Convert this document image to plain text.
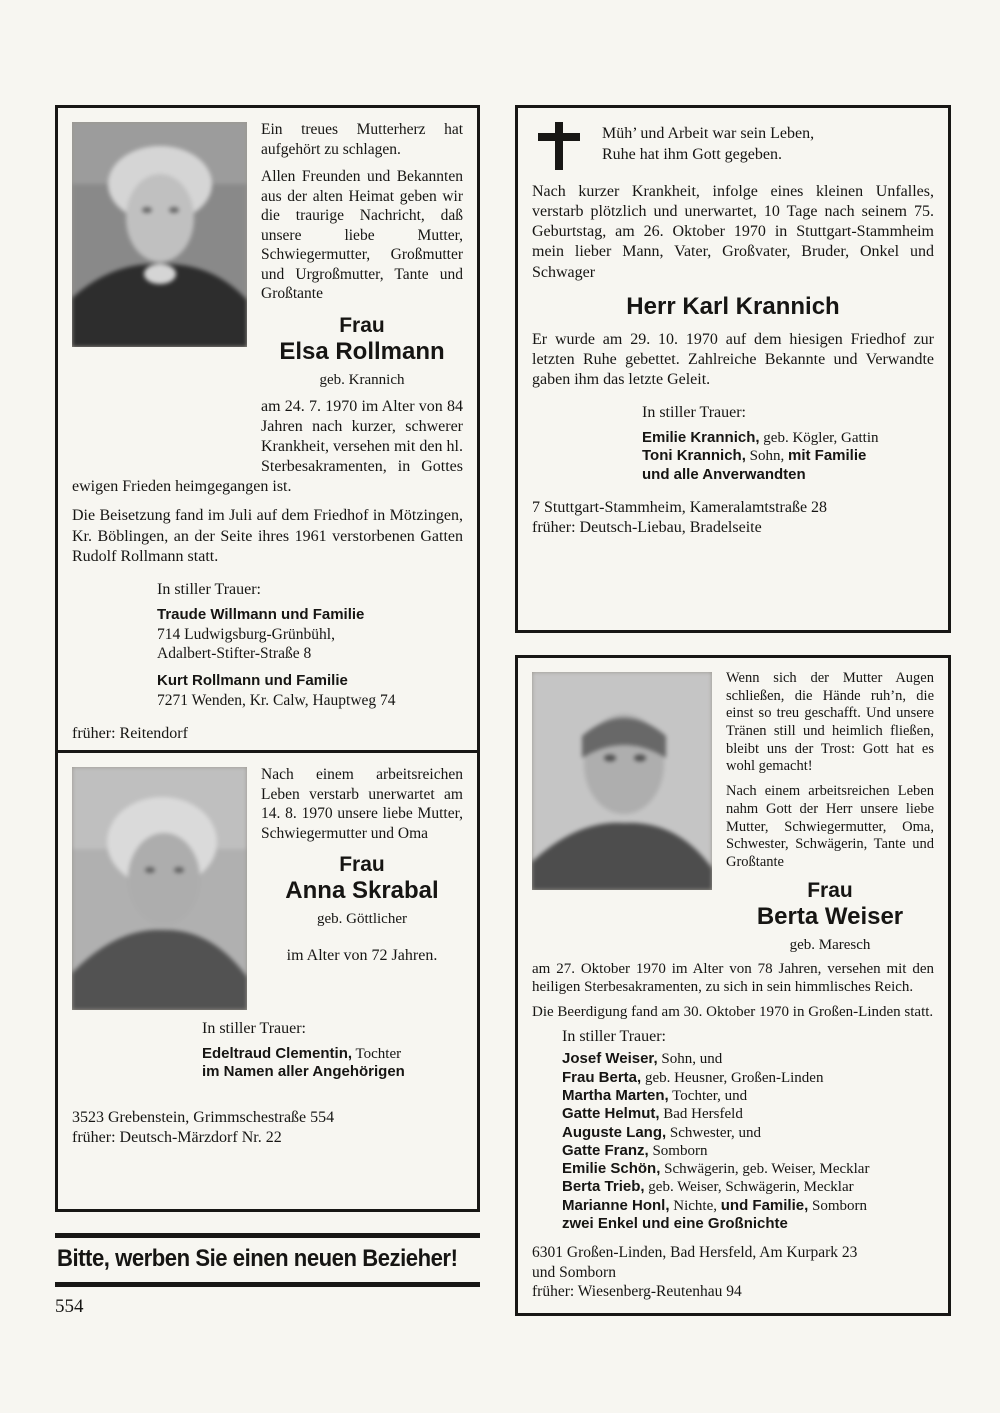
Ein treues Mutterherz hat aufgehört zu schlagen.

Allen Freunden und Bekannten aus der alten Heimat geben wir die traurige Nachricht, daß unsere liebe Mutter, Schwiegermutter, Großmutter und Urgroßmutter, Tante und Großtante

Frau
Elsa Rollmann
geb. Krannich

am 24. 7. 1970 im Alter von 84 Jahren nach kurzer, schwerer Krankheit, versehen mit den hl. Sterbesakramenten, in Gottes ewigen Frieden heimgegangen ist.

Die Beisetzung fand im Juli auf dem Friedhof in Mötzingen, Kr. Böblingen, an der Seite ihres 1961 verstorbenen Gatten Rudolf Rollmann statt.

In stiller Trauer:
Traude Willmann und Familie
714 Ludwigsburg-Grünbühl,
Adalbert-Stifter-Straße 8
Kurt Rollmann und Familie
7271 Wenden, Kr. Calw, Hauptweg 74
früher: Reitendorf
Müh’ und Arbeit war sein Leben,
Ruhe hat ihm Gott gegeben.

Nach kurzer Krankheit, infolge eines kleinen Unfalles, verstarb plötzlich und unerwartet, 10 Tage nach seinem 75. Geburtstag, am 26. Oktober 1970 in Stuttgart-Stammheim mein lieber Mann, Vater, Großvater, Bruder, Onkel und Schwager

Herr Karl Krannich

Er wurde am 29. 10. 1970 auf dem hiesigen Friedhof zur letzten Ruhe gebettet. Zahlreiche Bekannte und Verwandte gaben ihm das letzte Geleit.

In stiller Trauer:
Emilie Krannich, geb. Kögler, Gattin
Toni Krannich, Sohn, mit Familie
und alle Anverwandten
7 Stuttgart-Stammheim, Kameralamtstraße 28
früher: Deutsch-Liebau, Bradelseite

Nach einem arbeitsreichen Leben verstarb unerwartet am 14. 8. 1970 unsere liebe Mutter, Schwiegermutter und Oma

Frau
Anna Skrabal
geb. Göttlicher

im Alter von 72 Jahren.

In stiller Trauer:
Edeltraud Clementin, Tochter
im Namen aller Angehörigen
3523 Grebenstein, Grimmschestraße 554
früher: Deutsch-Märzdorf Nr. 22

Wenn sich der Mutter Augen schließen, die Hände ruh’n, die einst so treu geschafft. Und unsere Tränen still und heimlich fließen, bleibt uns der Trost: Gott hat es wohl gemacht!

Nach einem arbeitsreichen Leben nahm Gott der Herr unsere liebe Mutter, Schwiegermutter, Oma, Schwester, Schwägerin, Tante und Großtante

Frau
Berta Weiser
geb. Maresch

am 27. Oktober 1970 im Alter von 78 Jahren, versehen mit den heiligen Sterbesakramenten, zu sich in sein himmlisches Reich.

Die Beerdigung fand am 30. Oktober 1970 in Großen-Linden statt.

In stiller Trauer:
Josef Weiser, Sohn, und
Frau Berta, geb. Heusner, Großen-Linden
Martha Marten, Tochter, und
Gatte Helmut, Bad Hersfeld
Auguste Lang, Schwester, und
Gatte Franz, Somborn
Emilie Schön, Schwägerin, geb. Weiser, Mecklar
Berta Trieb, geb. Weiser, Schwägerin, Mecklar
Marianne Honl, Nichte, und Familie, Somborn
zwei Enkel und eine Großnichte
6301 Großen-Linden, Bad Hersfeld, Am Kurpark 23
und Somborn
früher: Wiesenberg-Reutenhau 94
Bitte, werben Sie einen neuen Bezieher!
554
